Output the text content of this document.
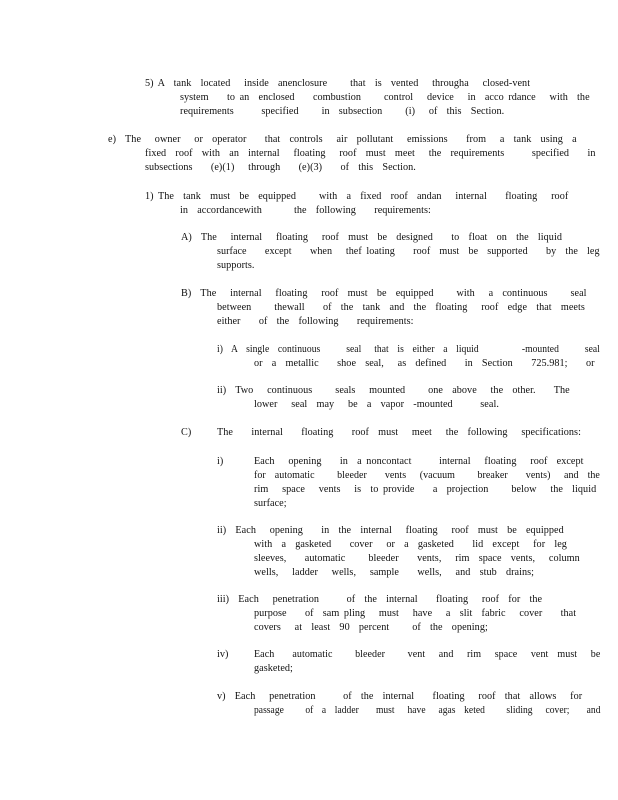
5) A  tank  located   inside  anenclosure     that  is  vented   througha   closed-vent
system    to an  enclosed    combustion     control   device   in  acco rdance   with  the
requirements      specified     in  subsection     (i)   of  this  Section.
e)  The   owner   or  operator    that  controls   air  pollutant   emissions    from   a  tank  using  a
fixed  roof  with  an  internal   floating   roof  must  meet   the  requirements      specified    in
subsections    (e)(1)   through    (e)(3)    of  this  Section.
1) The  tank  must  be  equipped     with  a  fixed  roof  andan   internal    floating   roof
in  accordancewith       the  following    requirements:
A)  The   internal   floating   roof  must  be  designed    to  float  on  the  liquid
surface    except    when   thef loating    roof  must  be  supported    by  the  leg
supports.
B)  The   internal   floating   roof  must  be  equipped     with   a  continuous     seal
between     thewall    of  the  tank  and  the  floating   roof  edge  that  meets
either    of  the  following    requirements:
i)  A  single  continuous      seal   that  is  either  a  liquid          -mounted      seal
or  a  metallic    shoe  seal,   as  defined    in  Section    725.981;    or
ii)  Two   continuous     seals   mounted     one  above   the  other.    The
lower   seal  may   be  a  vapor  -mounted      seal.
C)	The    internal    floating    roof  must   meet   the  following   specifications:
i)	Each   opening    in  a noncontact      internal   floating   roof  except
for  automatic     bleeder    vents   (vacuum     breaker    vents)   and  the
rim   space   vents   is  to provide    a  projection     below   the  liquid
surface;
ii)  Each   opening    in  the  internal   floating   roof  must  be  equipped
with  a  gasketed    cover   or  a  gasketed    lid  except   for  leg
sleeves,    automatic     bleeder    vents,   rim  space  vents,   column
wells,   ladder   wells,   sample    wells,   and  stub  drains;
iii)  Each   penetration      of  the  internal    floating   roof  for  the
purpose    of  sam pling   must   have   a  slit  fabric   cover    that
covers   at  least  90  percent     of  the  opening;
iv)	Each    automatic     bleeder     vent   and   rim   space   vent  must   be
gasketed;
v)  Each   penetration      of  the  internal    floating   roof  that  allows   for
passage     of  a  ladder    must   have   agas  keted     sliding   cover;    and
